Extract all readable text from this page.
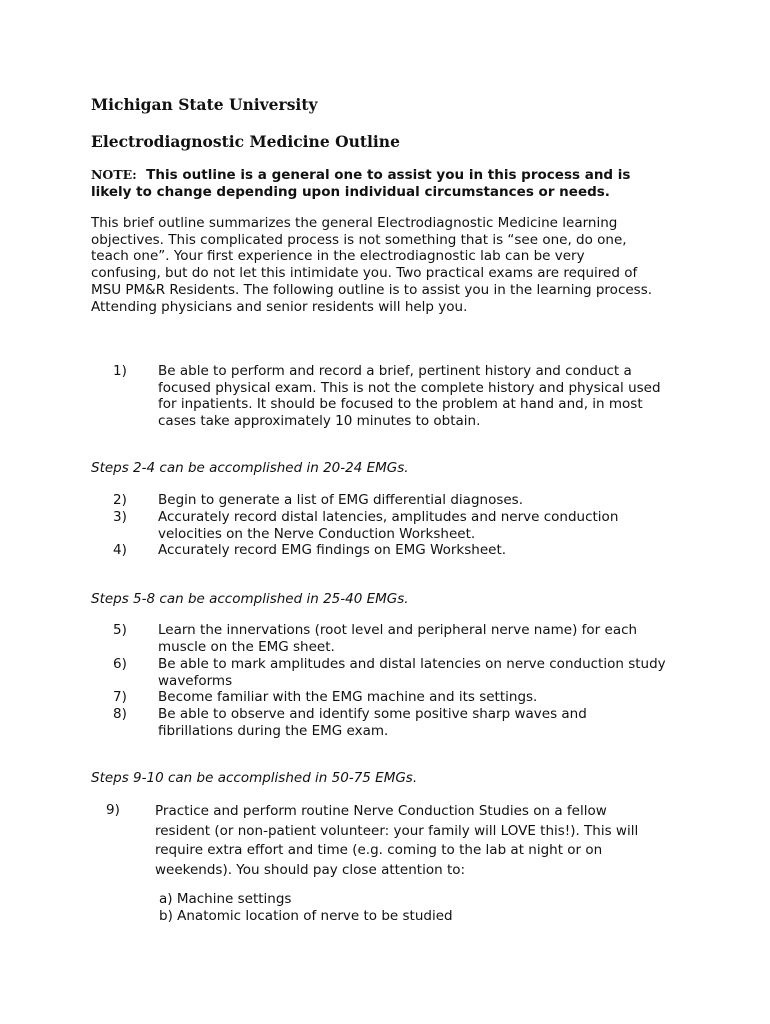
Michigan State University
Electrodiagnostic Medicine Outline

NOTE: This outline is a general one to assist you in this process and is
likely to change depending upon individual circumstances or needs.

This brief outline summarizes the general Electrodiagnostic Medicine learning
objectives. This complicated process is not something that is “see one, do one,
teach one”. Your first experience in the electrodiagnostic lab can be very
confusing, but do not let this intimidate you. Two practical exams are required of
MSU PM&R Residents. The following outline is to assist you in the learning process.
Attending physicians and senior residents will help you.

1) Be able to perform and record a brief, pertinent history and conduct a
focused physical exam. This is not the complete history and physical used
for inpatients. It should be focused to the problem at hand and, in most
cases take approximately 10 minutes to obtain.

Steps 2-4 can be accomplished in 20-24 EMGs.

2) Begin to generate a list of EMG differential diagnoses.
3) Accurately record distal latencies, amplitudes and nerve conduction
velocities on the Nerve Conduction Worksheet.
4) Accurately record EMG findings on EMG Worksheet.

Steps 5-8 can be accomplished in 25-40 EMGs.

5) Learn the innervations (root level and peripheral nerve name) for each
muscle on the EMG sheet.
6) Be able to mark amplitudes and distal latencies on nerve conduction study
waveforms
7) Become familiar with the EMG machine and its settings.
8) Be able to observe and identify some positive sharp waves and
fibrillations during the EMG exam.

Steps 9-10 can be accomplished in 50-75 EMGs.

9)	Practice and perform routine Nerve Conduction Studies on a fellow
resident (or non-patient volunteer: your family will LOVE this!). This will
require extra effort and time (e.g. coming to the lab at night or on
weekends). You should pay close attention to:
a) Machine settings
b) Anatomic location of nerve to be studied
